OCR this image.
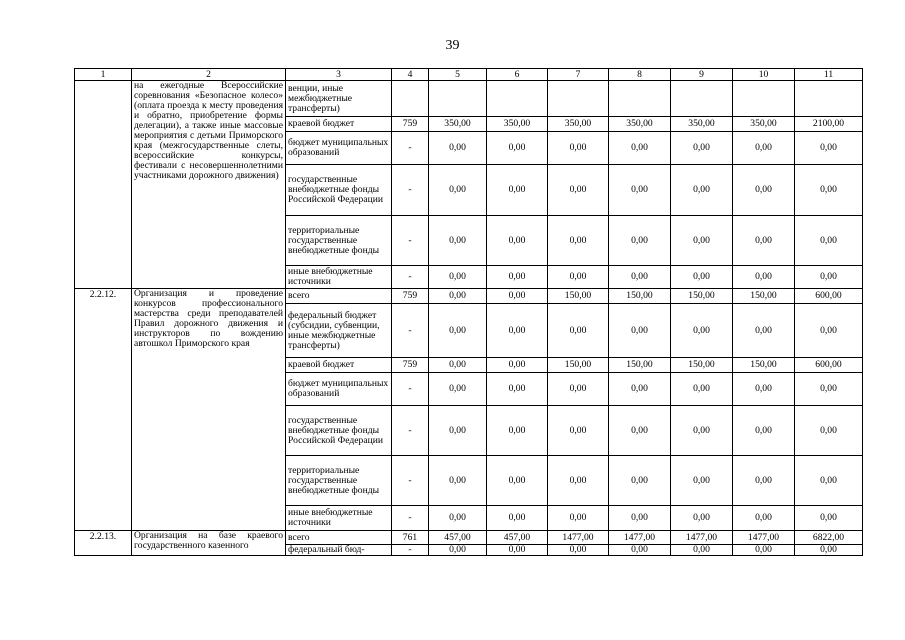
39
1	2	3	4	5	6	7	8	9	10	11
	на ежегодные Всероссийские соревнования «Безопасное колесо» (оплата проезда к месту проведения и обратно, приобретение формы делегации), а также иные массовые мероприятия с детьми Приморского края (межгосударственные слеты, всероссийские конкурсы, фестивали с несовершеннолетними участниками дорожного движения)	венции, иные межбюджетные трансферты)								
		краевой бюджет	759	350,00	350,00	350,00	350,00	350,00	350,00	2100,00
		бюджет муниципальных образований	-	0,00	0,00	0,00	0,00	0,00	0,00	0,00
		государственные внебюджетные фонды Российской Федерации	-	0,00	0,00	0,00	0,00	0,00	0,00	0,00
		территориальные государственные внебюджетные фонды	-	0,00	0,00	0,00	0,00	0,00	0,00	0,00
		иные внебюджетные источники	-	0,00	0,00	0,00	0,00	0,00	0,00	0,00
2.2.12.	Организация и проведение конкурсов профессионального мастерства среди преподавателей Правил дорожного движения и инструкторов по вождению автошкол Приморского края	всего	759	0,00	0,00	150,00	150,00	150,00	150,00	600,00
		федеральный бюджет (субсидии, субвенции, иные межбюджетные трансферты)	-	0,00	0,00	0,00	0,00	0,00	0,00	0,00
		краевой бюджет	759	0,00	0,00	150,00	150,00	150,00	150,00	600,00
		бюджет муниципальных образований	-	0,00	0,00	0,00	0,00	0,00	0,00	0,00
		государственные внебюджетные фонды Российской Федерации	-	0,00	0,00	0,00	0,00	0,00	0,00	0,00
		территориальные государственные внебюджетные фонды	-	0,00	0,00	0,00	0,00	0,00	0,00	0,00
		иные внебюджетные источники	-	0,00	0,00	0,00	0,00	0,00	0,00	0,00
2.2.13.	Организация на базе краевого государственного казенного	всего	761	457,00	457,00	1477,00	1477,00	1477,00	1477,00	6822,00
		федеральный бюд-	-	0,00	0,00	0,00	0,00	0,00	0,00	0,00
